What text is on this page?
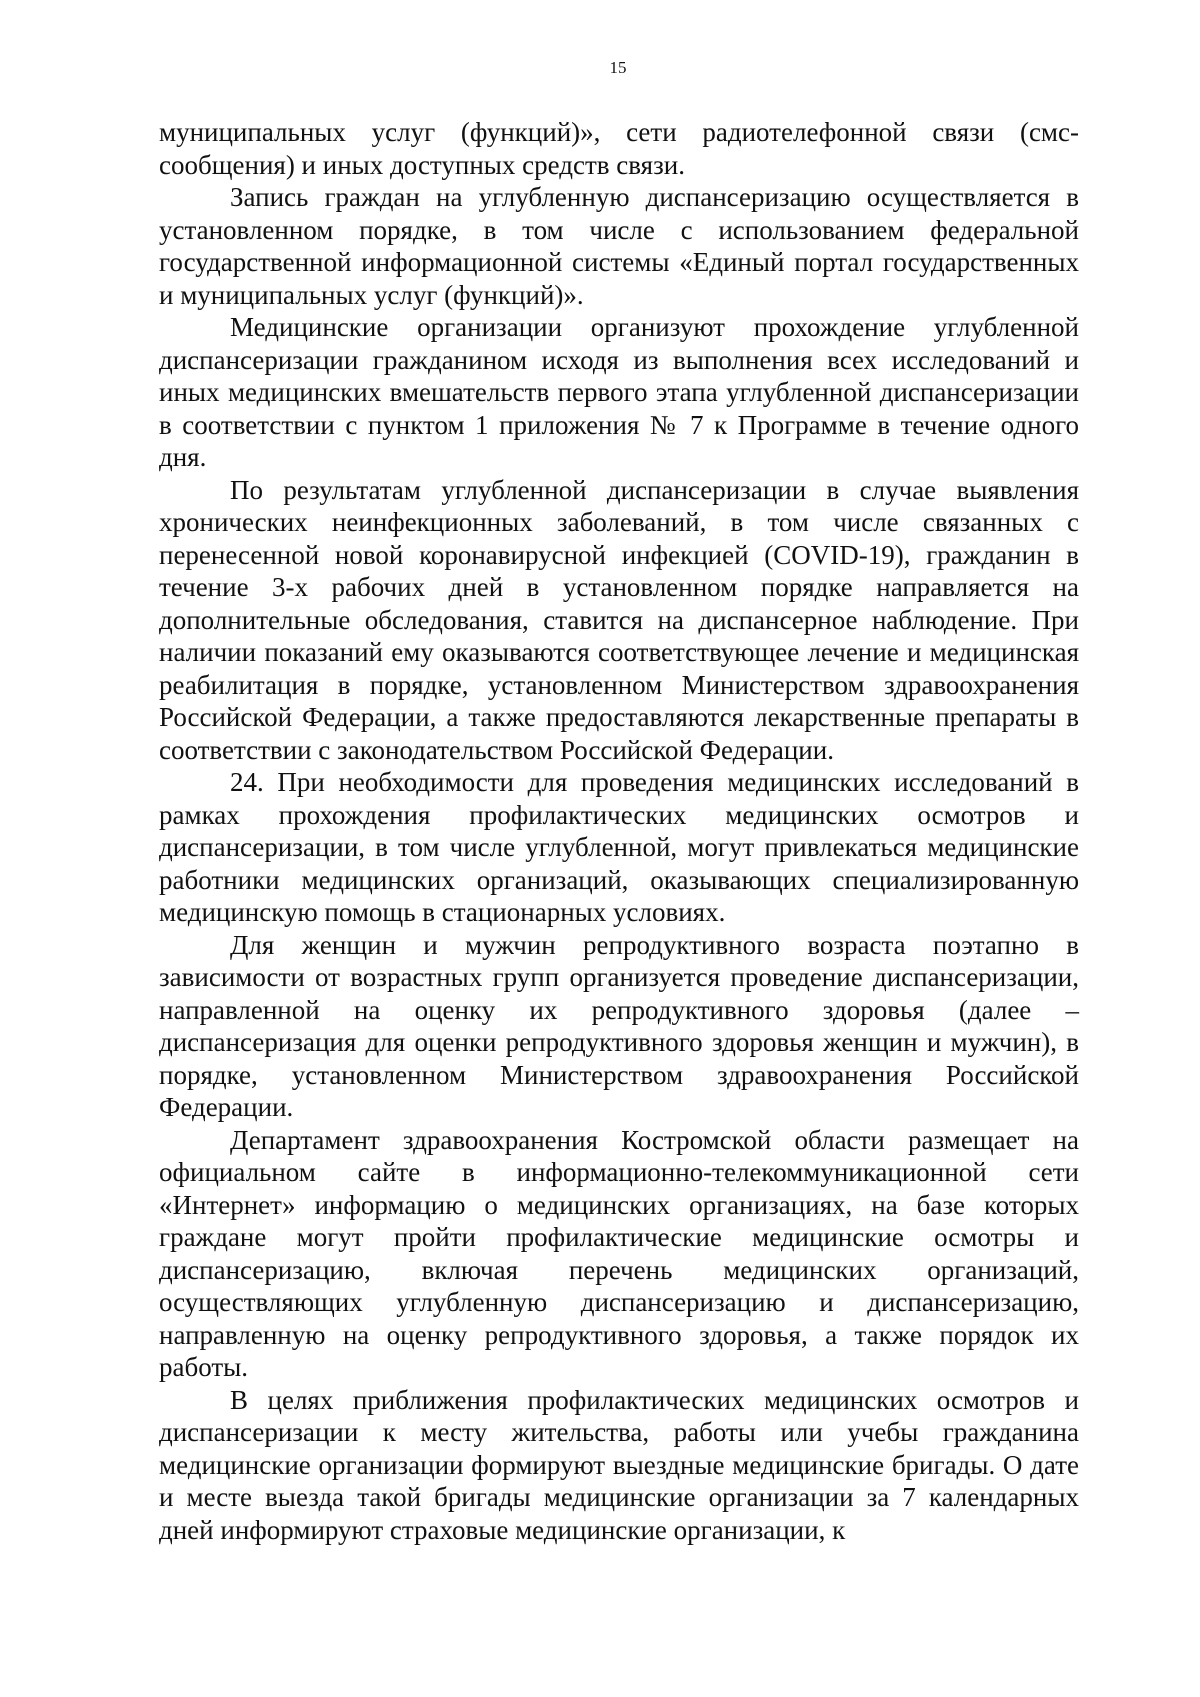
15

муниципальных услуг (функций)», сети радиотелефонной связи (смс-сообщения) и иных доступных средств связи.

Запись граждан на углубленную диспансеризацию осуществляется в установленном порядке, в том числе с использованием федеральной государственной информационной системы «Единый портал государственных и муниципальных услуг (функций)».

Медицинские организации организуют прохождение углубленной диспансеризации гражданином исходя из выполнения всех исследований и иных медицинских вмешательств первого этапа углубленной диспансеризации в соответствии с пунктом 1 приложения № 7 к Программе в течение одного дня.

По результатам углубленной диспансеризации в случае выявления хронических неинфекционных заболеваний, в том числе связанных с перенесенной новой коронавирусной инфекцией (COVID-19), гражданин в течение 3-х рабочих дней в установленном порядке направляется на дополнительные обследования, ставится на диспансерное наблюдение. При наличии показаний ему оказываются соответствующее лечение и медицинская реабилитация в порядке, установленном Министерством здравоохранения Российской Федерации, а также предоставляются лекарственные препараты в соответствии с законодательством Российской Федерации.

24. При необходимости для проведения медицинских исследований в рамках прохождения профилактических медицинских осмотров и диспансеризации, в том числе углубленной, могут привлекаться медицинские работники медицинских организаций, оказывающих специализированную медицинскую помощь в стационарных условиях.

Для женщин и мужчин репродуктивного возраста поэтапно в зависимости от возрастных групп организуется проведение диспансеризации, направленной на оценку их репродуктивного здоровья (далее – диспансеризация для оценки репродуктивного здоровья женщин и мужчин), в порядке, установленном Министерством здравоохранения Российской Федерации.

Департамент здравоохранения Костромской области размещает на официальном сайте в информационно-телекоммуникационной сети «Интернет» информацию о медицинских организациях, на базе которых граждане могут пройти профилактические медицинские осмотры и диспансеризацию, включая перечень медицинских организаций, осуществляющих углубленную диспансеризацию и диспансеризацию, направленную на оценку репродуктивного здоровья, а также порядок их работы.

В целях приближения профилактических медицинских осмотров и диспансеризации к месту жительства, работы или учебы гражданина медицинские организации формируют выездные медицинские бригады. О дате и месте выезда такой бригады медицинские организации за 7 календарных дней информируют страховые медицинские организации, к
